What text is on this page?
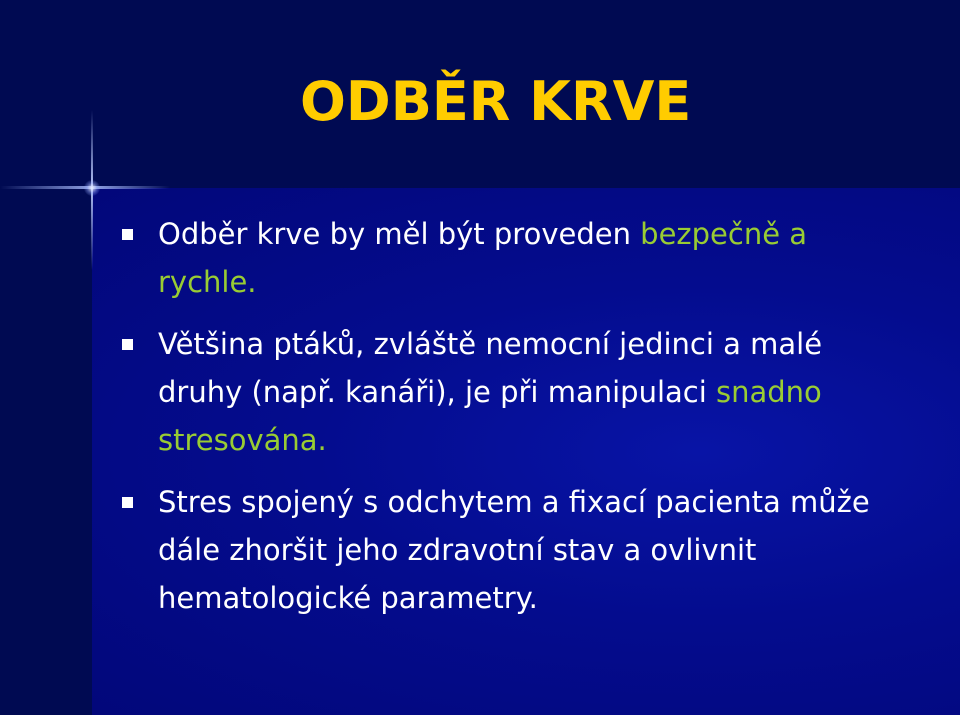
ODBĚR KRVE
Odběr krve by měl být proveden bezpečně a rychle.
Většina ptáků, zvláště nemocní jedinci a malé druhy (např. kanáři), je při manipulaci snadno stresována.
Stres spojený s odchytem a fixací pacienta může dále zhoršit jeho zdravotní stav a ovlivnit hematologické parametry.
